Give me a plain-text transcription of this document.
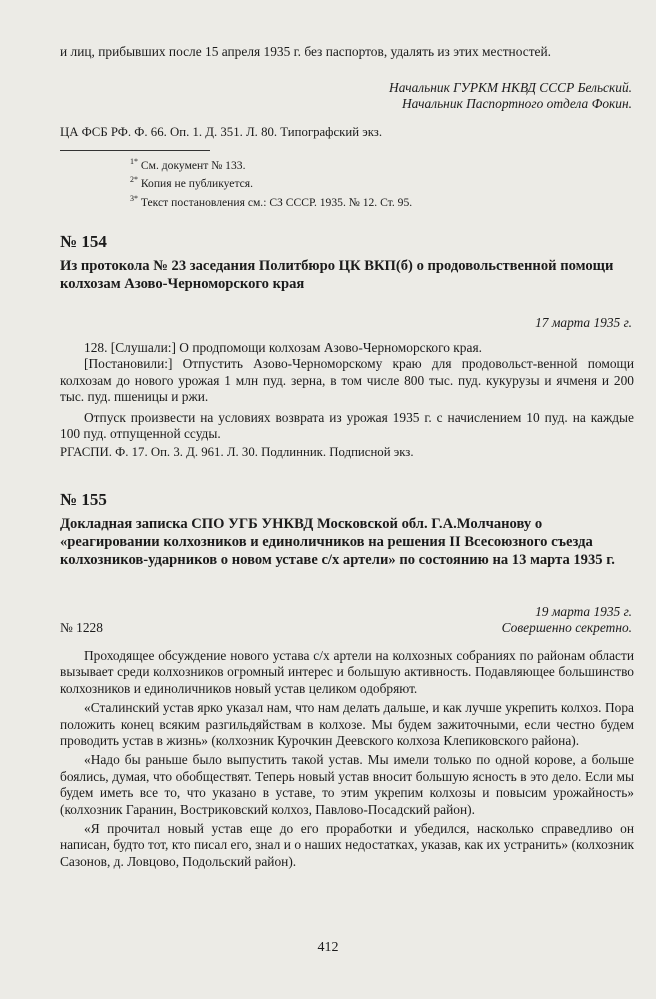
и лиц, прибывших после 15 апреля 1935 г. без паспортов, удалять из этих местностей.

Начальник ГУРКМ НКВД СССР Бельский.

Начальник Паспортного отдела Фокин.

ЦА ФСБ РФ. Ф. 66. Оп. 1. Д. 351. Л. 80. Типографский экз.

$^{1*}$ См. документ № 133.

$^{2*}$ Копия не публикуется.

$^{3*}$ Текст постановления см.: СЗ СССР. 1935. № 12. Ст. 95.

№ 154
Из протокола № 23 заседания Политбюро ЦК ВКП(б) о продовольственной помощи колхозам Азово-Черноморского края
17 марта 1935 г.

128. [Слушали:] О продпомощи колхозам Азово-Черноморского края.

[Постановили:] Отпустить Азово-Черноморскому краю для продовольст-венной помощи колхозам до нового урожая 1 млн пуд. зерна, в том числе 800 тыс. пуд. кукурузы и ячменя и 200 тыс. пуд. пшеницы и ржи.

Отпуск произвести на условиях возврата из урожая 1935 г. с начислением 10 пуд. на каждые 100 пуд. отпущенной ссуды.

РГАСПИ. Ф. 17. Оп. 3. Д. 961. Л. 30. Подлинник. Подписной экз.
№ 155
Докладная записка СПО УГБ УНКВД Московской обл. Г.А.Молчанову о «реагировании колхозников и единоличников на решения II Всесоюзного съезда колхозников-ударников о новом уставе с/х артели» по состоянию на 13 марта 1935 г.
19 марта 1935 г.
№ 1228	Совершенно секретно.

Проходящее обсуждение нового устава с/х артели на колхозных собраниях по районам области вызывает среди колхозников огромный интерес и большую активность. Подавляющее большинство колхозников и единоличников новый устав целиком одобряют.

«Сталинский устав ярко указал нам, что нам делать дальше, и как лучше укрепить колхоз. Пора положить конец всяким разгильдяйствам в колхозе. Мы будем зажиточными, если честно будем проводить устав в жизнь» (колхозник Курочкин Деевского колхоза Клепиковского района).

«Надо бы раньше было выпустить такой устав. Мы имели только по одной корове, а больше боялись, думая, что обобществят. Теперь новый устав вносит большую ясность в это дело. Если мы будем иметь все то, что указано в уставе, то этим укрепим колхозы и повысим урожайность» (колхозник Гаранин, Вострикoвский колхоз, Павлово-Посадский район).

«Я прочитал новый устав еще до его проработки и убедился, насколько справедливо он написан, будто тот, кто писал его, знал и о наших недостатках, указав, как их устранить» (колхозник Сазонов, д. Ловцово, Подольский район).

412
